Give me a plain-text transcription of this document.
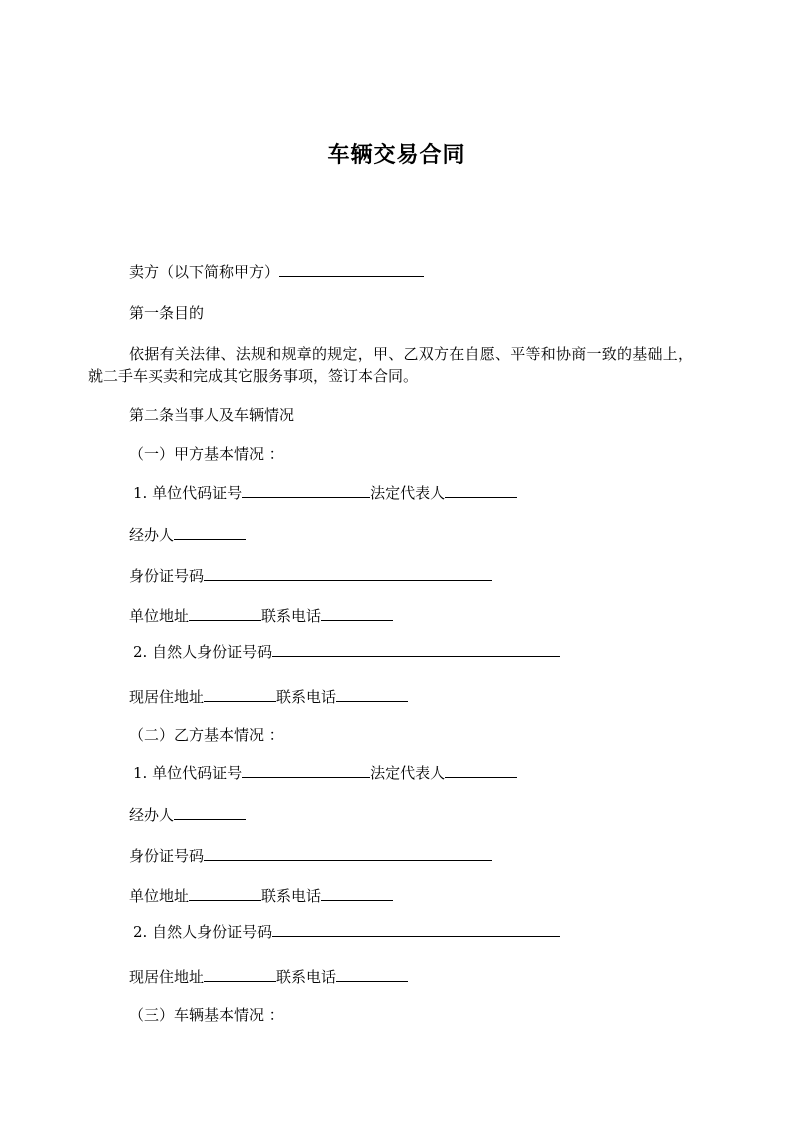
车辆交易合同
卖方（以下简称甲方）
第一条目的
依据有关法律、法规和规章的规定，甲、乙双方在自愿、平等和协商一致的基础上，就二手车买卖和完成其它服务事项，签订本合同。
第二条当事人及车辆情况
（一）甲方基本情况 ：
1. 单位代码证号	法定代表人
经办人
身份证号码
单位地址	联系电话
2. 自然人身份证号码
现居住地址	联系电话
（二）乙方基本情况 ：
1. 单位代码证号	法定代表人
经办人
身份证号码
单位地址	联系电话
2. 自然人身份证号码
现居住地址	联系电话
（三）车辆基本情况 ：
